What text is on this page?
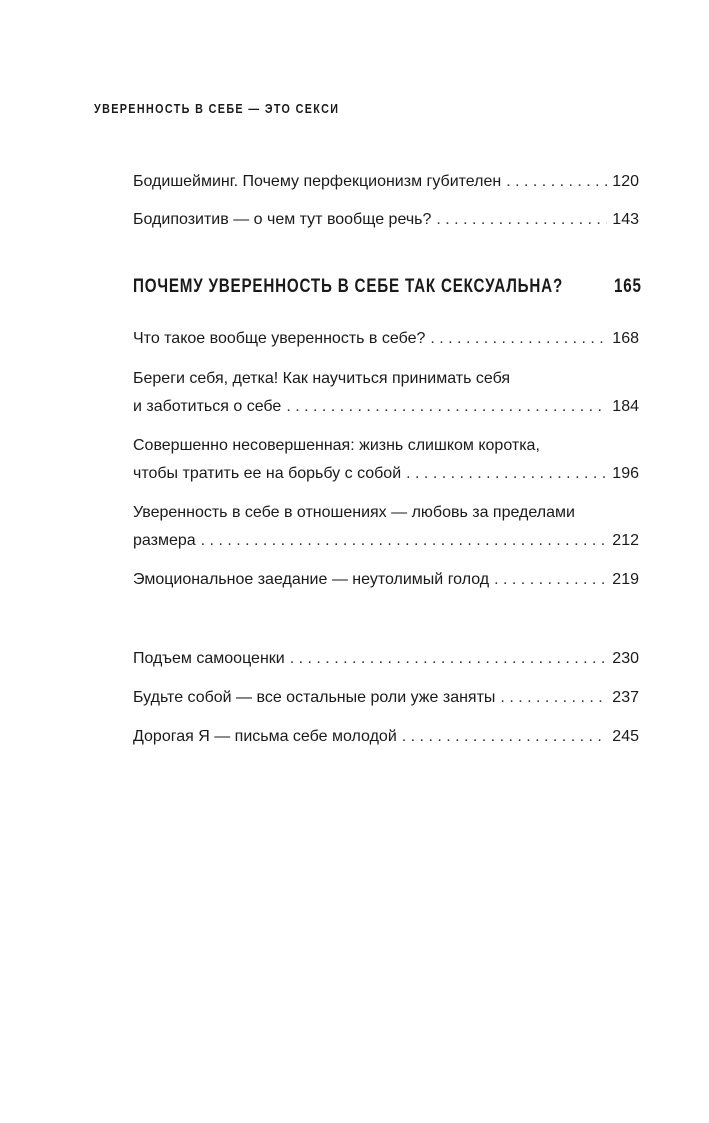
УВЕРЕННОСТЬ В СЕБЕ — ЭТО СЕКСИ
Бодишейминг. Почему перфекционизм губителен . . .	120
Бодипозитив — о чем тут вообще речь? . . .	143
ПОЧЕМУ УВЕРЕННОСТЬ В СЕБЕ ТАК СЕКСУАЛЬНА?	165
Что такое вообще уверенность в себе? . . .	168
Береги себя, детка! Как научиться принимать себя
и заботиться о себе . . .	184
Совершенно несовершенная: жизнь слишком коротка,
чтобы тратить ее на борьбу с собой . . .	196
Уверенность в себе в отношениях — любовь за пределами
размера . . .	212
Эмоциональное заедание — неутолимый голод . . .	219
Подъем самооценки . . .	230
Будьте собой — все остальные роли уже заняты . . .	237
Дорогая Я — письма себе молодой . . .	245
